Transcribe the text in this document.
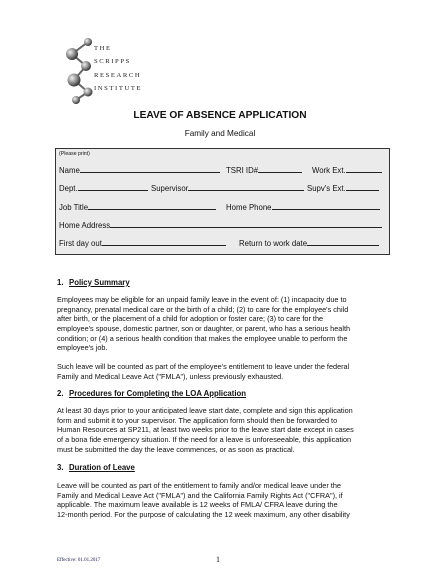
THE
SCRIPPS
RESEARCH
INSTITUTE
LEAVE OF ABSENCE APPLICATION
Family and Medical
(Please print)
Name	TSRI ID#	Work Ext.
Dept.	Supervisor	Supv's Ext.
Job Title	Home Phone
Home Address
First day out	Return to work date
1. Policy Summary
Employees may be eligible for an unpaid family leave in the event of: (1) incapacity due to
pregnancy, prenatal medical care or the birth of a child; (2) to care for the employee's child
after birth, or the placement of a child for adoption or foster care; (3) to care for the
employee's spouse, domestic partner, son or daughter, or parent, who has a serious health
condition; or (4) a serious health condition that makes the employee unable to perform the
employee's job.
Such leave will be counted as part of the employee's entitlement to leave under the federal
Family and Medical Leave Act ("FMLA"), unless previously exhausted.
2. Procedures for Completing the LOA Application
At least 30 days prior to your anticipated leave start date, complete and sign this application
form and submit it to your supervisor. The application form should then be forwarded to
Human Resources at SP211, at least two weeks prior to the leave start date except in cases
of a bona fide emergency situation. If the need for a leave is unforeseeable, this application
must be submitted the day the leave commences, or as soon as practical.
3. Duration of Leave
Leave will be counted as part of the entitlement to family and/or medical leave under the
Family and Medical Leave Act ("FMLA") and the California Family Rights Act ("CFRA"), if
applicable. The maximum leave available is 12 weeks of FMLA/ CFRA leave during the
12-month period. For the purpose of calculating the 12 week maximum, any other disability
Effective: 01.01.2017	1
